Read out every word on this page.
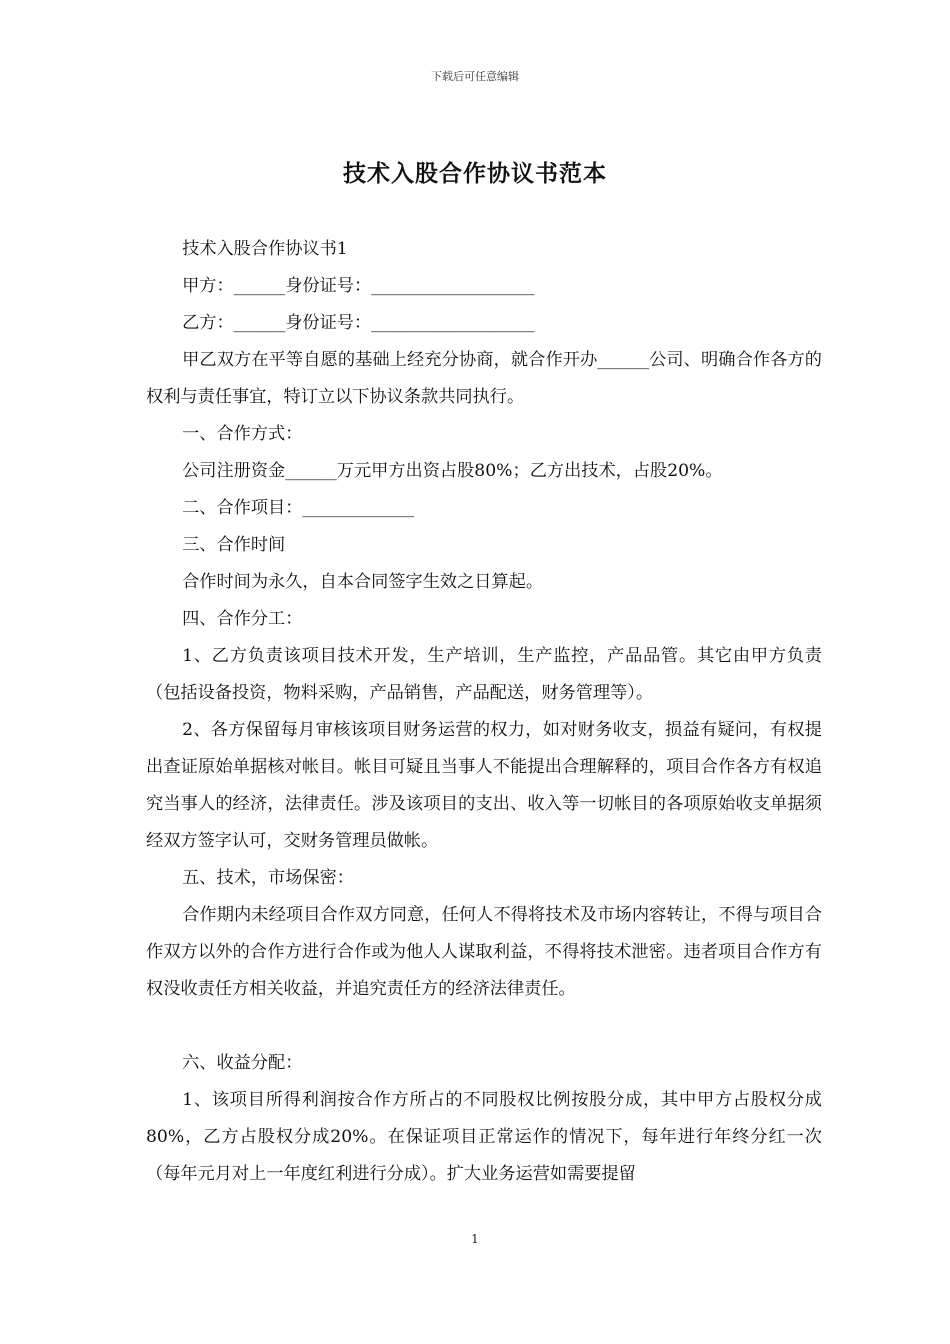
下载后可任意编辑
技术入股合作协议书范本

技术入股合作协议书1

甲方：______身份证号：___________________

乙方：______身份证号：___________________

甲乙双方在平等自愿的基础上经充分协商，就合作开办______公司、明确合作各方的权利与责任事宜，特订立以下协议条款共同执行。

一、合作方式：

公司注册资金______万元甲方出资占股80%；乙方出技术，占股20%。

二、合作项目：_____________

三、合作时间

合作时间为永久，自本合同签字生效之日算起。

四、合作分工：

1、乙方负责该项目技术开发，生产培训，生产监控，产品品管。其它由甲方负责（包括设备投资，物料采购，产品销售，产品配送，财务管理等）。

2、各方保留每月审核该项目财务运营的权力，如对财务收支，损益有疑问，有权提出查证原始单据核对帐目。帐目可疑且当事人不能提出合理解释的，项目合作各方有权追究当事人的经济，法律责任。涉及该项目的支出、收入等一切帐目的各项原始收支单据须经双方签字认可，交财务管理员做帐。

五、技术，市场保密：

合作期内未经项目合作双方同意，任何人不得将技术及市场内容转让，不得与项目合作双方以外的合作方进行合作或为他人人谋取利益，不得将技术泄密。违者项目合作方有权没收责任方相关收益，并追究责任方的经济法律责任。

六、收益分配：

1、该项目所得利润按合作方所占的不同股权比例按股分成，其中甲方占股权分成80%，乙方占股权分成20%。在保证项目正常运作的情况下，每年进行年终分红一次（每年元月对上一年度红利进行分成）。扩大业务运营如需要提留

1
